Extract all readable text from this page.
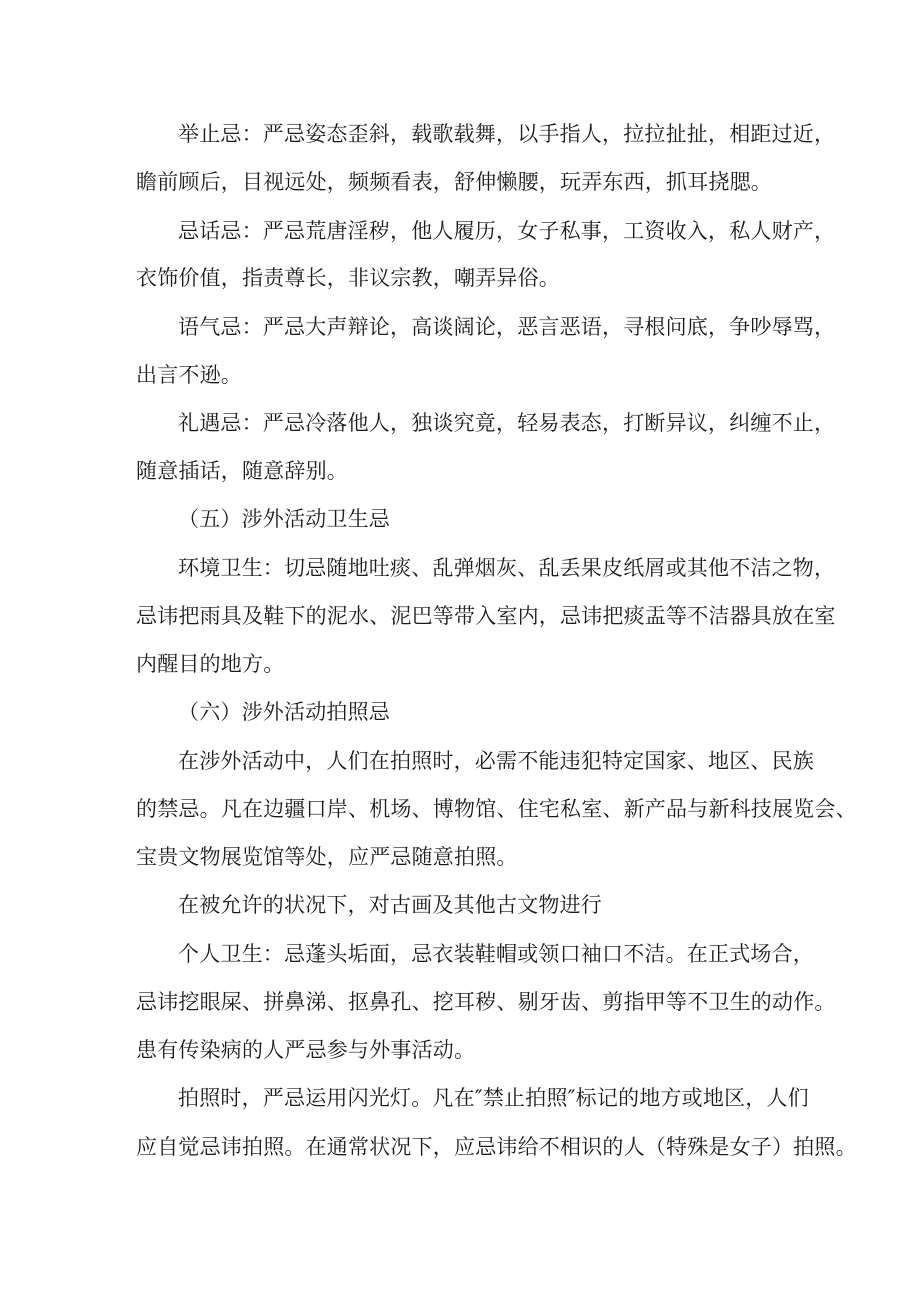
举止忌：严忌姿态歪斜，载歌载舞，以手指人，拉拉扯扯，相距过近，
瞻前顾后，目视远处，频频看表，舒伸懒腰，玩弄东西，抓耳挠腮。
忌话忌：严忌荒唐淫秽，他人履历，女子私事，工资收入，私人财产，
衣饰价值，指责尊长，非议宗教，嘲弄异俗。
语气忌：严忌大声辩论，高谈阔论，恶言恶语，寻根问底，争吵辱骂，
出言不逊。
礼遇忌：严忌冷落他人，独谈究竟，轻易表态，打断异议，纠缠不止，
随意插话，随意辞别。
（五）涉外活动卫生忌
环境卫生：切忌随地吐痰、乱弹烟灰、乱丢果皮纸屑或其他不洁之物，
忌讳把雨具及鞋下的泥水、泥巴等带入室内，忌讳把痰盂等不洁器具放在室
内醒目的地方。
（六）涉外活动拍照忌
在涉外活动中，人们在拍照时，必需不能违犯特定国家、地区、民族
的禁忌。凡在边疆口岸、机场、博物馆、住宅私室、新产品与新科技展览会、
宝贵文物展览馆等处，应严忌随意拍照。
在被允许的状况下，对古画及其他古文物进行
个人卫生：忌蓬头垢面，忌衣装鞋帽或领口袖口不洁。在正式场合，
忌讳挖眼屎、拼鼻涕、抠鼻孔、挖耳秽、剔牙齿、剪指甲等不卫生的动作。
患有传染病的人严忌参与外事活动。
拍照时，严忌运用闪光灯。凡在″禁止拍照″标记的地方或地区，人们
应自觉忌讳拍照。在通常状况下，应忌讳给不相识的人（特殊是女子）拍照。
